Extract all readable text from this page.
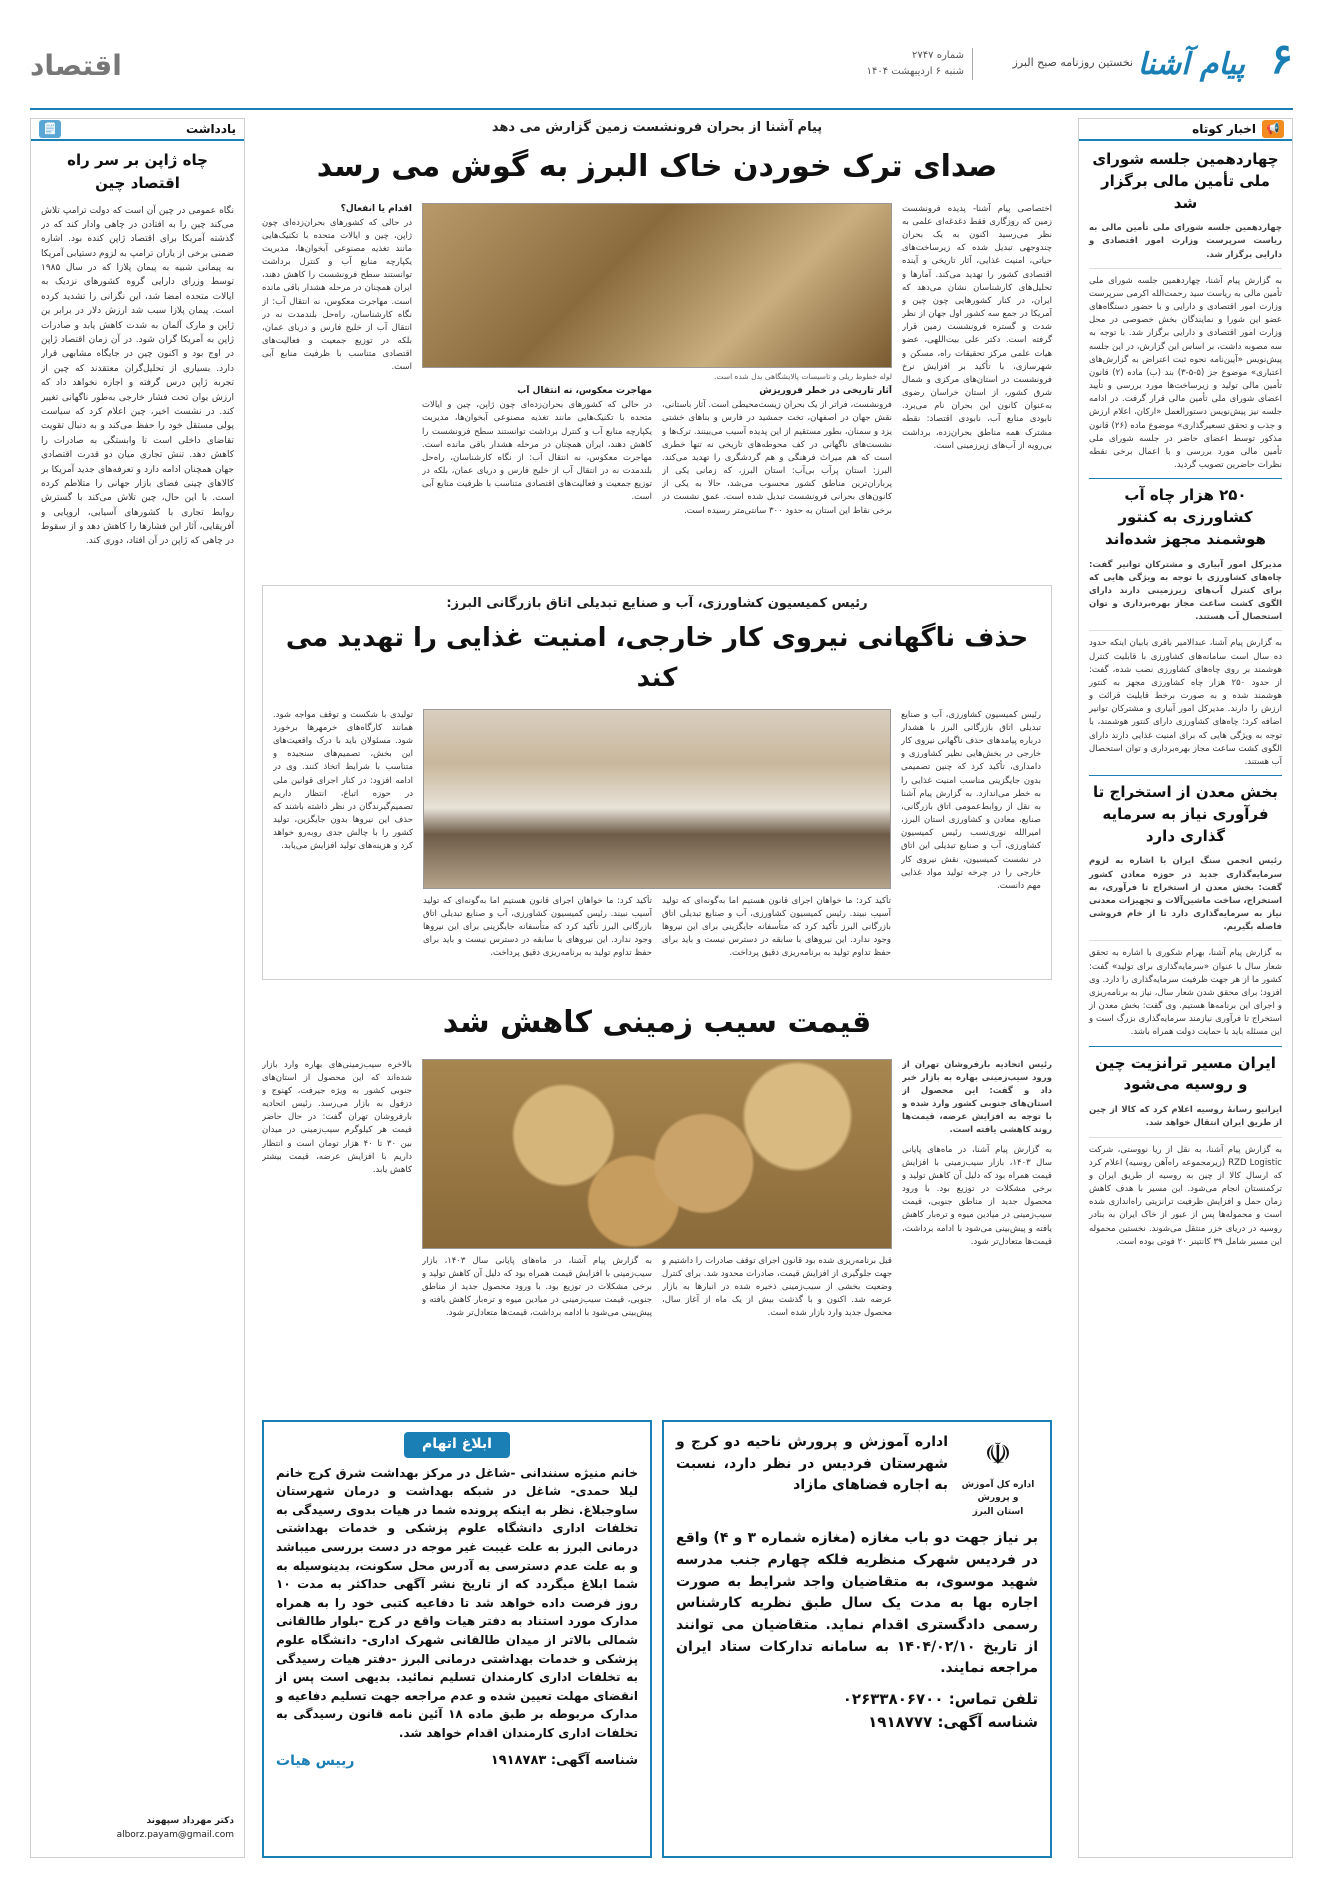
۶
پیام آشنا
نخستین روزنامه صبح البرز
شماره ۲۷۴۷
شنبه ۶ اردیبهشت ۱۴۰۴
اقتصاد
📢
اخبار کوتاه
چهاردهمین جلسه شورای ملی تأمین مالی برگزار شد
چهاردهمین جلسه شورای ملی تأمین مالی به ریاست سرپرست وزارت امور اقتصادی و دارایی برگزار شد.
به گزارش پیام آشنا، چهاردهمین جلسه شورای ملی تأمین مالی به ریاست سید رحمت‌الله اکرمی سرپرست وزارت امور اقتصادی و دارایی و با حضور دستگاه‌های عضو این شورا و نمایندگان بخش خصوصی در محل وزارت امور اقتصادی و دارایی برگزار شد. با توجه به سه مصوبه داشت، بر اساس این گزارش، در این جلسه پیش‌نویس «آیین‌نامه نحوه ثبت اعتراض به گزارش‌های اعتباری» موضوع جز (۵-۵-۳) بند (ب) ماده (۲) قانون تأمین مالی تولید و زیرساخت‌ها مورد بررسی و تأیید اعضای شورای ملی تأمین مالی قرار گرفت. در ادامه جلسه نیز پیش‌نویس دستورالعمل «ارکان، اعلام ارزش و جذب و تحقق تسعیرگذاری» موضوع ماده (۲۶) قانون مذکور توسط اعضای حاضر در جلسه شورای ملی تأمین مالی مورد بررسی و با اعمال برخی نقطه نظرات حاضرین تصویب گردید.
۲۵۰ هزار چاه آب کشاورزی به کنتور هوشمند مجهز شده‌اند
مدیرکل امور آبیاری و مشترکان توانیر گفت: چاه‌های کشاورزی با توجه به ویژگی هایی که برای کنترل آب‌های زیرزمینی دارند دارای الگوی کشت ساعت مجاز بهره‌برداری و توان استحصال آب هستند.
به گزارش پیام آشنا، عبدالامیر باقری بابیان اینکه حدود ده سال است سامانه‌های کشاورزی با قابلیت کنترل هوشمند بر روی چاه‌های کشاورزی نصب شده، گفت: از حدود ۲۵۰ هزار چاه کشاورزی مجهز به کنتور هوشمند شده و به صورت برخط قابلیت قرائت و ارزش را دارند. مدیرکل امور آبیاری و مشترکان توانیر اضافه کرد: چاه‌های کشاورزی دارای کنتور هوشمند، با توجه به ویژگی هایی که برای امنیت غذایی دارند دارای الگوی کشت ساعت مجاز بهره‌برداری و توان استحصال آب هستند.
بخش معدن از استخراج تا فرآوری نیاز به سرمایه گذاری دارد
رئیس انجمن سنگ ایران با اشاره به لزوم سرمایه‌گذاری جدید در حوزه معادن کشور گفت: بخش معدن از استخراج تا فرآوری، به استخراج، ساخت ماشین‌آلات و تجهیزات معدنی نیاز به سرمایه‌گذاری دارد تا از خام فروشی فاصله بگیریم.
به گزارش پیام آشنا، بهرام شکوری با اشاره به تحقق شعار سال با عنوان «سرمایه‌گذاری برای تولید» گفت: کشور ما از هر جهت ظرفیت سرمایه‌گذاری را دارد. وی افزود: برای محقق شدن شعار سال، نیاز به برنامه‌ریزی و اجرای این برنامه‌ها هستیم. وی گفت: بخش معدن از استخراج تا فرآوری نیازمند سرمایه‌گذاری بزرگ است و این مسئله باید با حمایت دولت همراه باشد.
ایران مسیر ترانزیت چین و روسیه می‌شود
ایرانیو رسانهٔ روسیه اعلام کرد که کالا از چین از طریق ایران انتقال خواهد شد.
به گزارش پیام آشنا، به نقل از ریا نووستی، شرکت RZD Logistic (زیرمجموعه راه‌آهن روسیه) اعلام کرد که ارسال کالا از چین به روسیه از طریق ایران و ترکمنستان انجام می‌شود. این مسیر با هدف کاهش زمان حمل و افزایش ظرفیت ترانزیتی راه‌اندازی شده است و محموله‌ها پس از عبور از خاک ایران به بنادر روسیه در دریای خزر منتقل می‌شوند. نخستین محموله این مسیر شامل ۳۹ کانتینر ۲۰ فوتی بوده است.
پیام آشنا از بحران فرونشست زمین گزارش می دهد
صدای ترک خوردن خاک البرز به گوش می رسد
اختصاصی پیام آشنا- پدیده فرونشست زمین که روزگاری فقط دغدغه‌ای علمی به نظر می‌رسید اکنون به یک بحران چندوجهی تبدیل شده که زیرساخت‌های حیاتی، امنیت غذایی، آثار تاریخی و آینده اقتصادی کشور را تهدید می‌کند. آمارها و تحلیل‌های کارشناسان نشان می‌دهد که ایران، در کنار کشورهایی چون چین و آمریکا در جمع سه کشور اول جهان از نظر شدت و گستره فرونشست زمین قرار گرفته است. دکتر علی بیت‌اللهی، عضو هیات علمی مرکز تحقیقات راه، مسکن و شهرسازی، با تأکید بر افزایش نرخ فرونشست در استان‌های مرکزی و شمال شرق کشور، از استان خراسان رضوی به‌عنوان کانون این بحران نام می‌برد. نابودی منابع آب، نابودی اقتصاد: نقطه مشترک همه مناطق بحران‌زده، برداشت بی‌رویه از آب‌های زیرزمینی است.
لوله خطوط ریلی و تاسیسات پالایشگاهی بدل شده است.
آثار تاریخی در خطر فروریزش
فرونشست، فراتر از یک بحران زیست‌محیطی است. آثار باستانی، نقش جهان در اصفهان، تخت جمشید در فارس و بناهای خشتی یزد و سمنان، بطور مستقیم از این پدیده آسیب می‌بینند. ترک‌ها و نشست‌های ناگهانی در کف محوطه‌های تاریخی نه تنها خطری است که هم میراث فرهنگی و هم گردشگری را تهدید می‌کند. البرز: استان پرآب بی‌آب: استان البرز، که زمانی یکی از پرباران‌ترین مناطق کشور محسوب می‌شد، حالا به یکی از کانون‌های بحرانی فرونشست تبدیل شده است. عمق نشست در برخی نقاط این استان به حدود ۳۰۰ سانتی‌متر رسیده است.
مهاجرت معکوس، نه انتقال آب
در حالی که کشورهای بحران‌زده‌ای چون ژاپن، چین و ایالات متحده با تکنیک‌هایی مانند تغذیه مصنوعی آبخوان‌ها، مدیریت یکپارچه منابع آب و کنترل برداشت توانستند سطح فرونشست را کاهش دهند، ایران همچنان در مرحله هشدار باقی مانده است. مهاجرت معکوس، نه انتقال آب: از نگاه کارشناسان، راه‌حل بلندمدت نه در انتقال آب از خلیج فارس و دریای عمان، بلکه در توزیع جمعیت و فعالیت‌های اقتصادی متناسب با ظرفیت منابع آبی است.
اقدام یا انفعال؟
در حالی که کشورهای بحران‌زده‌ای چون ژاپن، چین و ایالات متحده با تکنیک‌هایی مانند تغذیه مصنوعی آبخوان‌ها، مدیریت یکپارچه منابع آب و کنترل برداشت توانستند سطح فرونشست را کاهش دهند، ایران همچنان در مرحله هشدار باقی مانده است. مهاجرت معکوس، نه انتقال آب: از نگاه کارشناسان، راه‌حل بلندمدت نه در انتقال آب از خلیج فارس و دریای عمان، بلکه در توزیع جمعیت و فعالیت‌های اقتصادی متناسب با ظرفیت منابع آبی است.
رئیس کمیسیون کشاورزی، آب و صنایع تبدیلی اتاق بازرگانی البرز:
حذف ناگهانی نیروی کار خارجی، امنیت غذایی را تهدید می کند
رئیس کمیسیون کشاورزی، آب و صنایع تبدیلی اتاق بازرگانی البرز با هشدار درباره پیامدهای حذف ناگهانی نیروی کار خارجی در بخش‌هایی نظیر کشاورزی و دامداری، تأکید کرد که چنین تصمیمی بدون جایگزینی مناسب امنیت غذایی را به خطر می‌اندازد. به گزارش پیام آشنا به نقل از روابط‌عمومی اتاق بازرگانی، صنایع، معادن و کشاورزی استان البرز، امیرالله نوری‌نسب رئیس کمیسیون کشاورزی، آب و صنایع تبدیلی این اتاق در نشست کمیسیون، نقش نیروی کار خارجی را در چرخه تولید مواد غذایی مهم دانست.
تأکید کرد: ما خواهان اجرای قانون هستیم اما به‌گونه‌ای که تولید آسیب نبیند. رئیس کمیسیون کشاورزی، آب و صنایع تبدیلی اتاق بازرگانی البرز تأکید کرد که متأسفانه جایگزینی برای این نیروها وجود ندارد. این نیروهای با سابقه در دسترس نیست و باید برای حفظ تداوم تولید به برنامه‌ریزی دقیق پرداخت.
تأکید کرد: ما خواهان اجرای قانون هستیم اما به‌گونه‌ای که تولید آسیب نبیند. رئیس کمیسیون کشاورزی، آب و صنایع تبدیلی اتاق بازرگانی البرز تأکید کرد که متأسفانه جایگزینی برای این نیروها وجود ندارد. این نیروهای با سابقه در دسترس نیست و باید برای حفظ تداوم تولید به برنامه‌ریزی دقیق پرداخت.
تولیدی با شکست و توقف مواجه شود. همانند کارگاه‌های خرمهرها برخورد شود. مسئولان باید با درک واقعیت‌های این بخش، تصمیم‌های سنجیده و متناسب با شرایط اتخاذ کنند. وی در ادامه افزود: در کنار اجرای قوانین ملی در حوزه اتباع، انتظار داریم تصمیم‌گیرندگان در نظر داشته باشند که حذف این نیروها بدون جایگزین، تولید کشور را با چالش جدی روبه‌رو خواهد کرد و هزینه‌های تولید افزایش می‌یابد.
قیمت سیب زمینی کاهش شد
رئیس اتحادیه بارفروشان تهران از ورود سیب‌زمینی بهاره به بازار خبر داد و گفت: این محصول از استان‌های جنوبی کشور وارد شده و با توجه به افزایش عرضه، قیمت‌ها روند کاهشی یافته است.
به گزارش پیام آشنا، در ماه‌های پایانی سال ۱۴۰۳، بازار سیب‌زمینی با افزایش قیمت همراه بود که دلیل آن کاهش تولید و برخی مشکلات در توزیع بود. با ورود محصول جدید از مناطق جنوبی، قیمت سیب‌زمینی در میادین میوه و تره‌بار کاهش یافته و پیش‌بینی می‌شود با ادامه برداشت، قیمت‌ها متعادل‌تر شود.
قبل برنامه‌ریزی شده بود قانون اجرای توقف صادرات را داشتیم و جهت جلوگیری از افزایش قیمت، صادرات محدود شد. برای کنترل وضعیت بخشی از سیب‌زمینی ذخیره شده در انبارها به بازار عرضه شد. اکنون و با گذشت بیش از یک ماه از آغاز سال، محصول جدید وارد بازار شده است.
به گزارش پیام آشنا، در ماه‌های پایانی سال ۱۴۰۳، بازار سیب‌زمینی با افزایش قیمت همراه بود که دلیل آن کاهش تولید و برخی مشکلات در توزیع بود. با ورود محصول جدید از مناطق جنوبی، قیمت سیب‌زمینی در میادین میوه و تره‌بار کاهش یافته و پیش‌بینی می‌شود با ادامه برداشت، قیمت‌ها متعادل‌تر شود.
بالاخره سیب‌زمینی‌های بهاره وارد بازار شده‌اند که این محصول از استان‌های جنوبی کشور به ویژه جیرفت، کهنوج و دزفول به بازار می‌رسد. رئیس اتحادیه بارفروشان تهران گفت: در حال حاضر قیمت هر کیلوگرم سیب‌زمینی در میدان بین ۳۰ تا ۴۰ هزار تومان است و انتظار داریم با افزایش عرضه، قیمت بیشتر کاهش یابد.
☫
اداره کل آموزش و پرورش
استان البرز
اداره آموزش و پرورش ناحیه دو کرج و شهرستان فردیس در نظر دارد، نسبت به اجاره فضاهای مازاد
بر نیاز جهت دو باب مغازه (مغازه شماره ۳ و ۴) واقع در فردیس شهرک منظریه فلکه چهارم جنب مدرسه شهید موسوی، به متقاضیان واجد شرایط به صورت اجاره بها به مدت یک سال طبق نظریه کارشناس رسمی دادگستری اقدام نماید. متقاضیان می توانند از تاریخ ۱۴۰۴/۰۲/۱۰ به سامانه تدارکات ستاد ایران مراجعه نمایند.
تلفن تماس: ۰۲۶۳۳۸۰۶۷۰۰
شناسه آگهی: ۱۹۱۸۷۷۷
ابلاغ اتهام
خانم منیژه سنندانی -شاغل در مرکز بهداشت شرق کرج خانم لیلا حمدی- شاغل در شبکه بهداشت و درمان شهرستان ساوجبلاغ. نظر به اینکه پرونده شما در هیات بدوی رسیدگی به تخلفات اداری دانشگاه علوم پزشکی و خدمات بهداشتی درمانی البرز به علت غیبت غیر موجه در دست بررسی میباشد و به علت عدم دسترسی به آدرس محل سکونت، بدینوسیله به شما ابلاغ میگردد که از تاریخ نشر آگهی حداکثر به مدت ۱۰ روز فرصت داده خواهد شد تا دفاعیه کتبی خود را به همراه مدارک مورد استناد به دفتر هیات واقع در کرج -بلوار طالقانی شمالی بالاتر از میدان طالقانی شهرک اداری- دانشگاه علوم پزشکی و خدمات بهداشتی درمانی البرز -دفتر هیات رسیدگی به تخلفات اداری کارمندان تسلیم نمائید. بدیهی است پس از انقضای مهلت تعیین شده و عدم مراجعه جهت تسلیم دفاعیه و مدارک مربوطه بر طبق ماده ۱۸ آئین نامه قانون رسیدگی به تخلفات اداری کارمندان اقدام خواهد شد.
شناسه آگهی: ۱۹۱۸۷۸۳
رییس هیات
یادداشت
🗒
چاه ژاپن بر سر راه اقتصاد چین
نگاه عمومی در چین آن است که دولت ترامپ تلاش می‌کند چین را به افتادن در چاهی وادار کند که در گذشته آمریکا برای اقتصاد ژاپن کنده بود. اشاره ضمنی برخی از یاران ترامپ به لزوم دستیابی آمریکا به پیمانی شبیه به پیمان پلازا که در سال ۱۹۸۵ توسط وزرای دارایی گروه کشورهای نزدیک به ایالات متحده امضا شد، این نگرانی را تشدید کرده است. پیمان پلازا سبب شد ارزش دلار در برابر ین ژاپن و مارک آلمان به شدت کاهش یابد و صادرات ژاپن به آمریکا گران شود. در آن زمان اقتصاد ژاپن در اوج بود و اکنون چین در جایگاه مشابهی قرار دارد. بسیاری از تحلیل‌گران معتقدند که چین از تجربه ژاپن درس گرفته و اجازه نخواهد داد که ارزش یوان تحت فشار خارجی به‌طور ناگهانی تغییر کند. در نشست اخیر، چین اعلام کرد که سیاست پولی مستقل خود را حفظ می‌کند و به دنبال تقویت تقاضای داخلی است تا وابستگی به صادرات را کاهش دهد. تنش تجاری میان دو قدرت اقتصادی جهان همچنان ادامه دارد و تعرفه‌های جدید آمریکا بر کالاهای چینی فضای بازار جهانی را متلاطم کرده است. با این حال، چین تلاش می‌کند با گسترش روابط تجاری با کشورهای آسیایی، اروپایی و آفریقایی، آثار این فشارها را کاهش دهد و از سقوط در چاهی که ژاپن در آن افتاد، دوری کند.
دکتر مهرداد سپهوند
alborz.payam@gmail.com
